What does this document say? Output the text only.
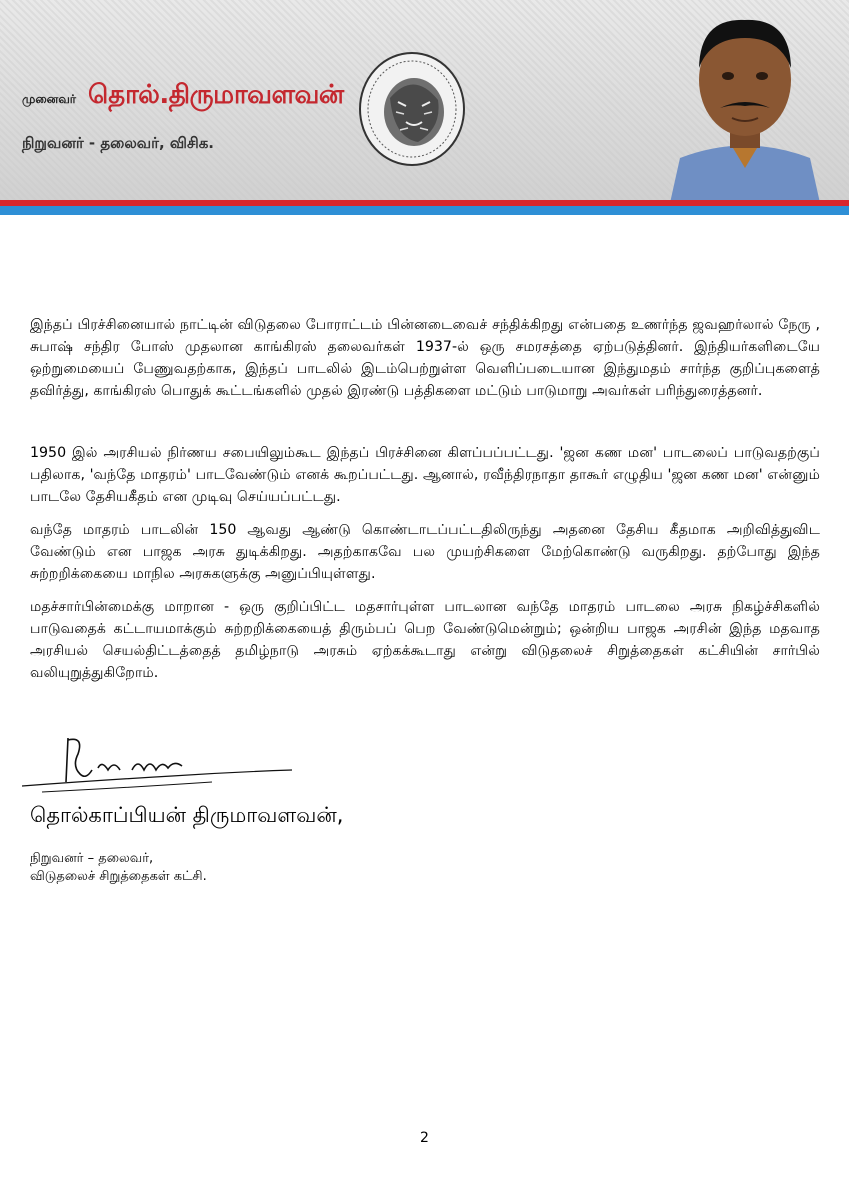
முனைவர் தொல்.திருமாவளவன்
நிறுவனர் - தலைவர், விசிக.

இந்தப் பிரச்சினையால் நாட்டின் விடுதலை போராட்டம் பின்னடைவைச் சந்திக்கிறது என்பதை உணர்ந்த ஜவஹர்லால் நேரு , சுபாஷ் சந்திர போஸ் முதலான காங்கிரஸ் தலைவர்கள் 1937-ல் ஒரு சமரசத்தை ஏற்படுத்தினர். இந்தியர்களிடையே ஒற்றுமையைப் பேணுவதற்காக, இந்தப் பாடலில் இடம்பெற்றுள்ள வெளிப்படையான இந்துமதம் சார்ந்த குறிப்புகளைத் தவிர்த்து, காங்கிரஸ் பொதுக் கூட்டங்களில் முதல் இரண்டு பத்திகளை மட்டும் பாடுமாறு அவர்கள் பரிந்துரைத்தனர்.

1950 இல் அரசியல் நிர்ணய சபையிலும்கூட இந்தப் பிரச்சினை கிளப்பப்பட்டது. 'ஜன கண மன' பாடலைப் பாடுவதற்குப் பதிலாக, 'வந்தே மாதரம்' பாடவேண்டும் எனக் கூறப்பட்டது. ஆனால், ரவீந்திரநாதா தாகூர் எழுதிய 'ஜன கண மன' என்னும் பாடலே தேசியகீதம் என முடிவு செய்யப்பட்டது.

வந்தே மாதரம் பாடலின் 150 ஆவது ஆண்டு கொண்டாடப்பட்டதிலிருந்து அதனை தேசிய கீதமாக அறிவித்துவிட வேண்டும் என பாஜக அரசு துடிக்கிறது. அதற்காகவே பல முயற்சிகளை மேற்கொண்டு வருகிறது. தற்போது இந்த சுற்றறிக்கையை மாநில அரசுகளுக்கு அனுப்பியுள்ளது.

மதச்சார்பின்மைக்கு மாறான - ஒரு குறிப்பிட்ட மதசார்புள்ள பாடலான வந்தே மாதரம் பாடலை அரசு நிகழ்ச்சிகளில் பாடுவதைக் கட்டாயமாக்கும் சுற்றறிக்கையைத் திரும்பப் பெற வேண்டுமென்றும்; ஒன்றிய பாஜக அரசின் இந்த மதவாத அரசியல் செயல்திட்டத்தைத் தமிழ்நாடு அரசும் ஏற்கக்கூடாது என்று விடுதலைச் சிறுத்தைகள் கட்சியின் சார்பில் வலியுறுத்துகிறோம்.

தொல்காப்பியன் திருமாவளவன்,
நிறுவனர் – தலைவர்,
விடுதலைச் சிறுத்தைகள் கட்சி.
2
